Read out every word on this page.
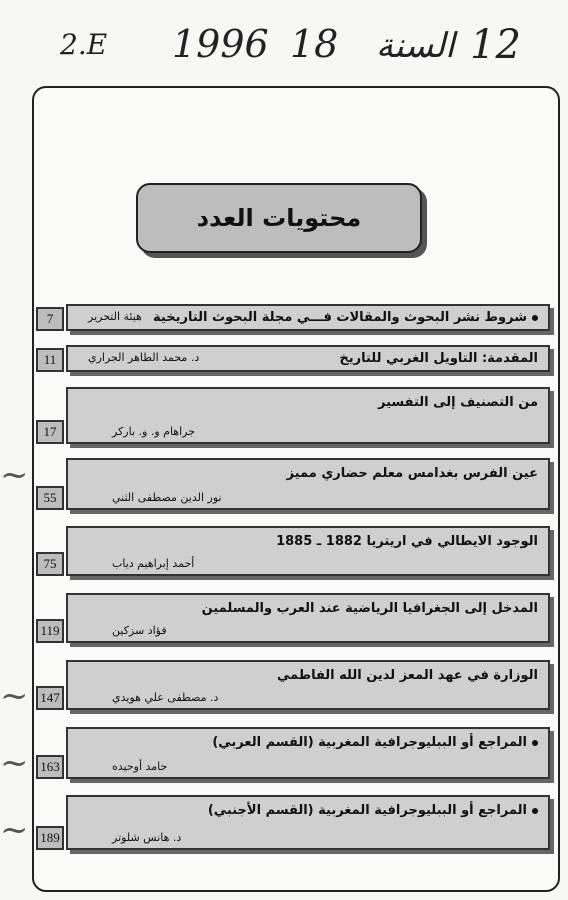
2.E 1996 18 السنة 12
محتويات العدد
~
~
~
~
شروط نشر البحوث والمقالات فـــي مجلة البحوث التاريخية
هيئة التحرير
7
المقدمة: التاويل الغربي للتاريخ
د. محمد الطاهر الجراري
11
من التصنيف إلى التفسير
جراهام و. و. باركر
17
عين الفرس بغدامس معلم حضاري مميز
نور الدين مصطفى الثني
55
الوجود الايطالي في اريتريا 1882 ـ 1885
أحمد إبراهيم دياب
75
المدخل إلى الجغرافيا الرياضية عند العرب والمسلمين
فؤاد سزكين
119
الوزارة في عهد المعز لدين الله الفاطمي
د. مصطفى علي هويدي
147
المراجع أو الببليوجرافية المغربية (القسم العربي)
حامد أوحيده
163
المراجع أو الببليوجرافية المغربية (القسم الأجنبي)
د. هانس شلوتر
189
